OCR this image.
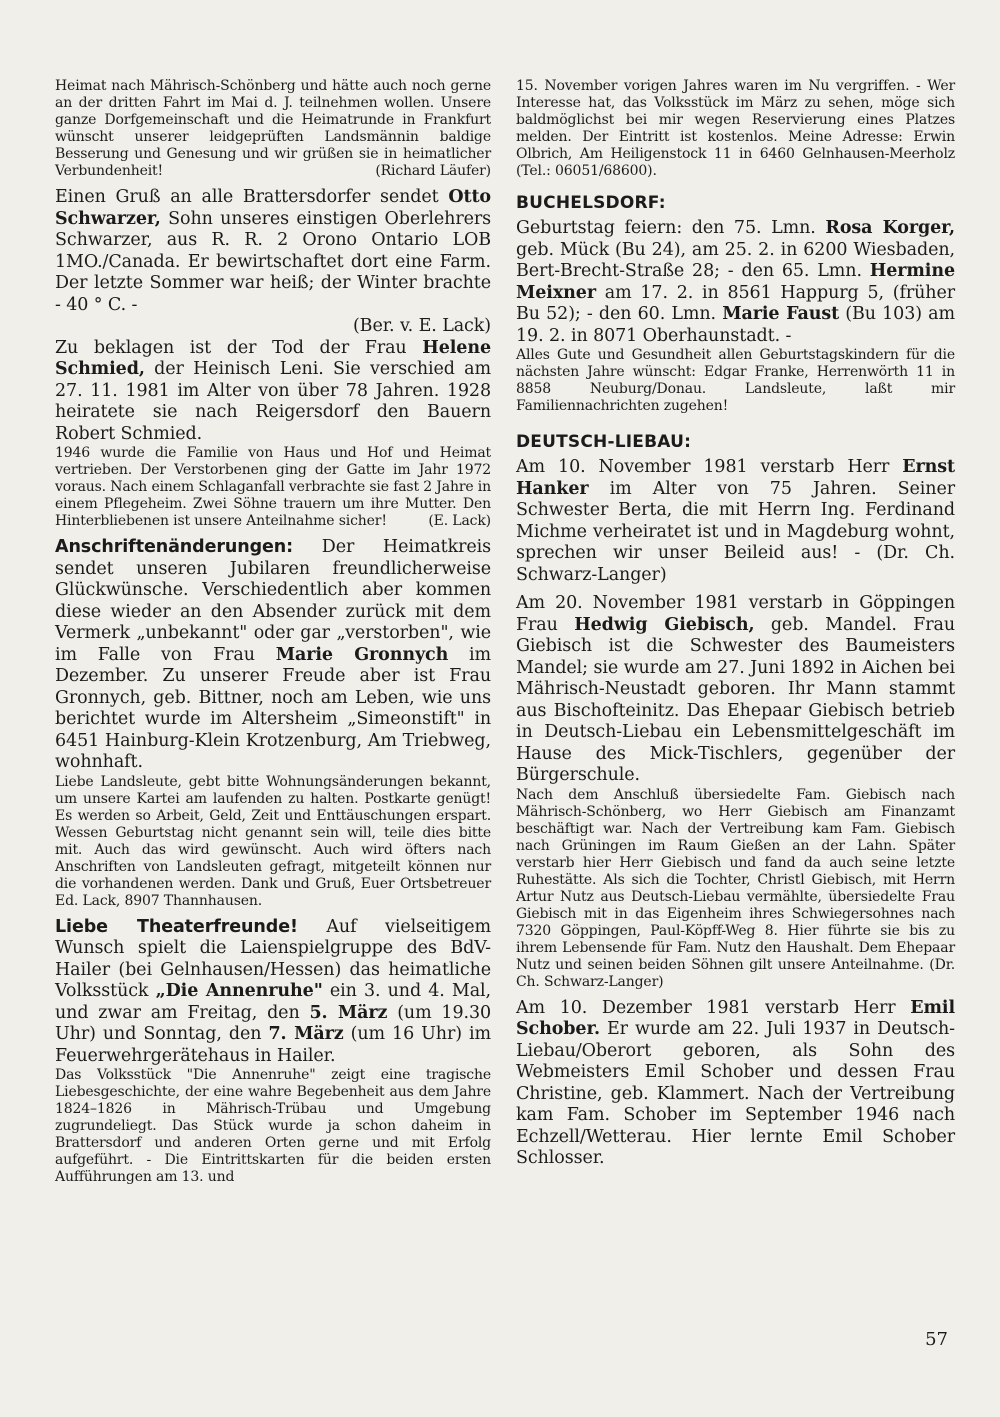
Heimat nach Mährisch-Schönberg und hätte auch noch gerne an der dritten Fahrt im Mai d. J. teilnehmen wollen. Unsere ganze Dorfgemeinschaft und die Heimatrunde in Frankfurt wünscht unserer leidgeprüften Landsmännin baldige Besserung und Genesung und wir grüßen sie in heimatlicher Verbundenheit!	(Richard Läufer)

Einen Gruß an alle Brattersdorfer sendet Otto Schwarzer, Sohn unseres einstigen Oberlehrers Schwarzer, aus R. R. 2 Orono Ontario LOB 1MO./Canada. Er bewirtschaftet dort eine Farm. Der letzte Sommer war heiß; der Winter brachte - 40 ° C. -

(Ber. v. E. Lack)

Zu beklagen ist der Tod der Frau Helene Schmied, der Heinisch Leni. Sie verschied am 27. 11. 1981 im Alter von über 78 Jahren. 1928 heiratete sie nach Reigersdorf den Bauern Robert Schmied.

1946 wurde die Familie von Haus und Hof und Heimat vertrieben. Der Verstorbenen ging der Gatte im Jahr 1972 voraus. Nach einem Schlaganfall verbrachte sie fast 2 Jahre in einem Pflegeheim. Zwei Söhne trauern um ihre Mutter. Den Hinterbliebenen ist unsere Anteilnahme sicher!	(E. Lack)

Anschriftenänderungen: Der Heimatkreis sendet unseren Jubilaren freundlicherweise Glückwünsche. Verschiedentlich aber kommen diese wieder an den Absender zurück mit dem Vermerk „unbekannt" oder gar „verstorben", wie im Falle von Frau Marie Gronnych im Dezember. Zu unserer Freude aber ist Frau Gronnych, geb. Bittner, noch am Leben, wie uns berichtet wurde im Altersheim „Simeonstift" in 6451 Hainburg-Klein Krotzenburg, Am Triebweg, wohnhaft.

Liebe Landsleute, gebt bitte Wohnungsänderungen bekannt, um unsere Kartei am laufenden zu halten. Postkarte genügt! Es werden so Arbeit, Geld, Zeit und Enttäuschungen erspart. Wessen Geburtstag nicht genannt sein will, teile dies bitte mit. Auch das wird gewünscht. Auch wird öfters nach Anschriften von Landsleuten gefragt, mitgeteilt können nur die vorhandenen werden. Dank und Gruß, Euer Ortsbetreuer Ed. Lack, 8907 Thannhausen.

Liebe Theaterfreunde! Auf vielseitigem Wunsch spielt die Laienspielgruppe des BdV-Hailer (bei Gelnhausen/Hessen) das heimatliche Volksstück „Die Annenruhe" ein 3. und 4. Mal, und zwar am Freitag, den 5. März (um 19.30 Uhr) und Sonntag, den 7. März (um 16 Uhr) im Feuerwehrgerätehaus in Hailer.

Das Volksstück "Die Annenruhe" zeigt eine tragische Liebesgeschichte, der eine wahre Begebenheit aus dem Jahre 1824–1826 in Mährisch-Trübau und Umgebung zugrundeliegt. Das Stück wurde ja schon daheim in Brattersdorf und anderen Orten gerne und mit Erfolg aufgeführt. - Die Eintrittskarten für die beiden ersten Aufführungen am 13. und

15. November vorigen Jahres waren im Nu vergriffen. - Wer Interesse hat, das Volksstück im März zu sehen, möge sich baldmöglichst bei mir wegen Reservierung eines Platzes melden. Der Eintritt ist kostenlos. Meine Adresse: Erwin Olbrich, Am Heiligenstock 11 in 6460 Gelnhausen-Meerholz (Tel.: 06051/68600).

BUCHELSDORF:

Geburtstag feiern: den 75. Lmn. Rosa Korger, geb. Mück (Bu 24), am 25. 2. in 6200 Wiesbaden, Bert-Brecht-Straße 28; - den 65. Lmn. Hermine Meixner am 17. 2. in 8561 Happurg 5, (früher Bu 52); - den 60. Lmn. Marie Faust (Bu 103) am 19. 2. in 8071 Oberhaunstadt. -

Alles Gute und Gesundheit allen Geburtstagskindern für die nächsten Jahre wünscht: Edgar Franke, Herrenwörth 11 in 8858 Neuburg/Donau. Landsleute, laßt mir Familiennachrichten zugehen!

DEUTSCH-LIEBAU:

Am 10. November 1981 verstarb Herr Ernst Hanker im Alter von 75 Jahren. Seiner Schwester Berta, die mit Herrn Ing. Ferdinand Michme verheiratet ist und in Magdeburg wohnt, sprechen wir unser Beileid aus! - (Dr. Ch. Schwarz-Langer)

Am 20. November 1981 verstarb in Göppingen Frau Hedwig Giebisch, geb. Mandel. Frau Giebisch ist die Schwester des Baumeisters Mandel; sie wurde am 27. Juni 1892 in Aichen bei Mährisch-Neustadt geboren. Ihr Mann stammt aus Bischofteinitz. Das Ehepaar Giebisch betrieb in Deutsch-Liebau ein Lebensmittelgeschäft im Hause des Mick-Tischlers, gegenüber der Bürgerschule.

Nach dem Anschluß übersiedelte Fam. Giebisch nach Mährisch-Schönberg, wo Herr Giebisch am Finanzamt beschäftigt war. Nach der Vertreibung kam Fam. Giebisch nach Grüningen im Raum Gießen an der Lahn. Später verstarb hier Herr Giebisch und fand da auch seine letzte Ruhestätte. Als sich die Tochter, Christl Giebisch, mit Herrn Artur Nutz aus Deutsch-Liebau vermählte, übersiedelte Frau Giebisch mit in das Eigenheim ihres Schwiegersohnes nach 7320 Göppingen, Paul-Köpff-Weg 8. Hier führte sie bis zu ihrem Lebensende für Fam. Nutz den Haushalt. Dem Ehepaar Nutz und seinen beiden Söhnen gilt unsere Anteilnahme. (Dr. Ch. Schwarz-Langer)

Am 10. Dezember 1981 verstarb Herr Emil Schober. Er wurde am 22. Juli 1937 in Deutsch-Liebau/Oberort geboren, als Sohn des Webmeisters Emil Schober und dessen Frau Christine, geb. Klammert. Nach der Vertreibung kam Fam. Schober im September 1946 nach Echzell/Wetterau. Hier lernte Emil Schober Schlosser.

57
